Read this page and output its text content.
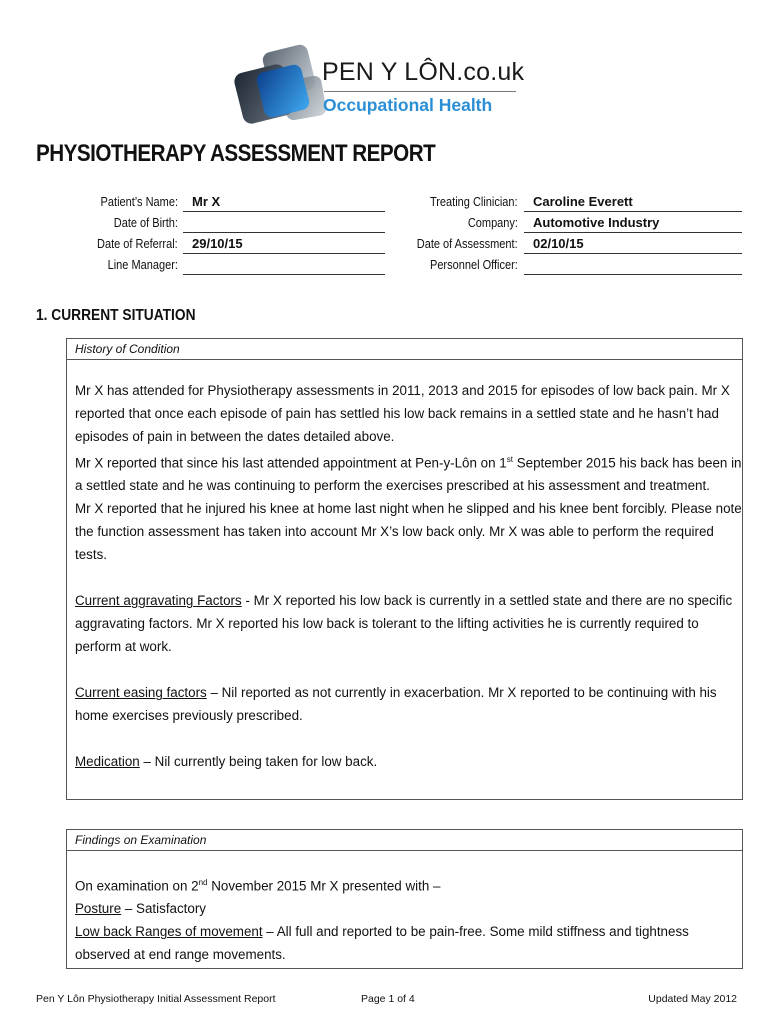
PEN Y LÔN.co.uk
Occupational Health
PHYSIOTHERAPY ASSESSMENT REPORT
Patient’s Name: Mr X
Date of Birth:
Date of Referral: 29/10/15
Line Manager:
Treating Clinician: Caroline Everett
Company: Automotive Industry
Date of Assessment: 02/10/15
Personnel Officer:
1. CURRENT SITUATION
History of Condition

Mr X has attended for Physiotherapy assessments in 2011, 2013 and 2015 for episodes of low back pain. Mr X reported that once each episode of pain has settled his low back remains in a settled state and he hasn’t had episodes of pain in between the dates detailed above.

Mr X reported that since his last attended appointment at Pen-y-Lôn on 1st September 2015 his back has been in a settled state and he was continuing to perform the exercises prescribed at his assessment and treatment.

Mr X reported that he injured his knee at home last night when he slipped and his knee bent forcibly. Please note the function assessment has taken into account Mr X’s low back only. Mr X was able to perform the required tests.

Current aggravating Factors - Mr X reported his low back is currently in a settled state and there are no specific aggravating factors. Mr X reported his low back is tolerant to the lifting activities he is currently required to perform at work.

Current easing factors – Nil reported as not currently in exacerbation. Mr X reported to be continuing with his home exercises previously prescribed.

Medication – Nil currently being taken for low back.

Findings on Examination

On examination on 2nd November 2015 Mr X presented with –

Posture – Satisfactory

Low back Ranges of movement – All full and reported to be pain-free. Some mild stiffness and tightness observed at end range movements.

Pen Y Lôn Physiotherapy Initial Assessment Report	Page 1 of 4	Updated May 2012
